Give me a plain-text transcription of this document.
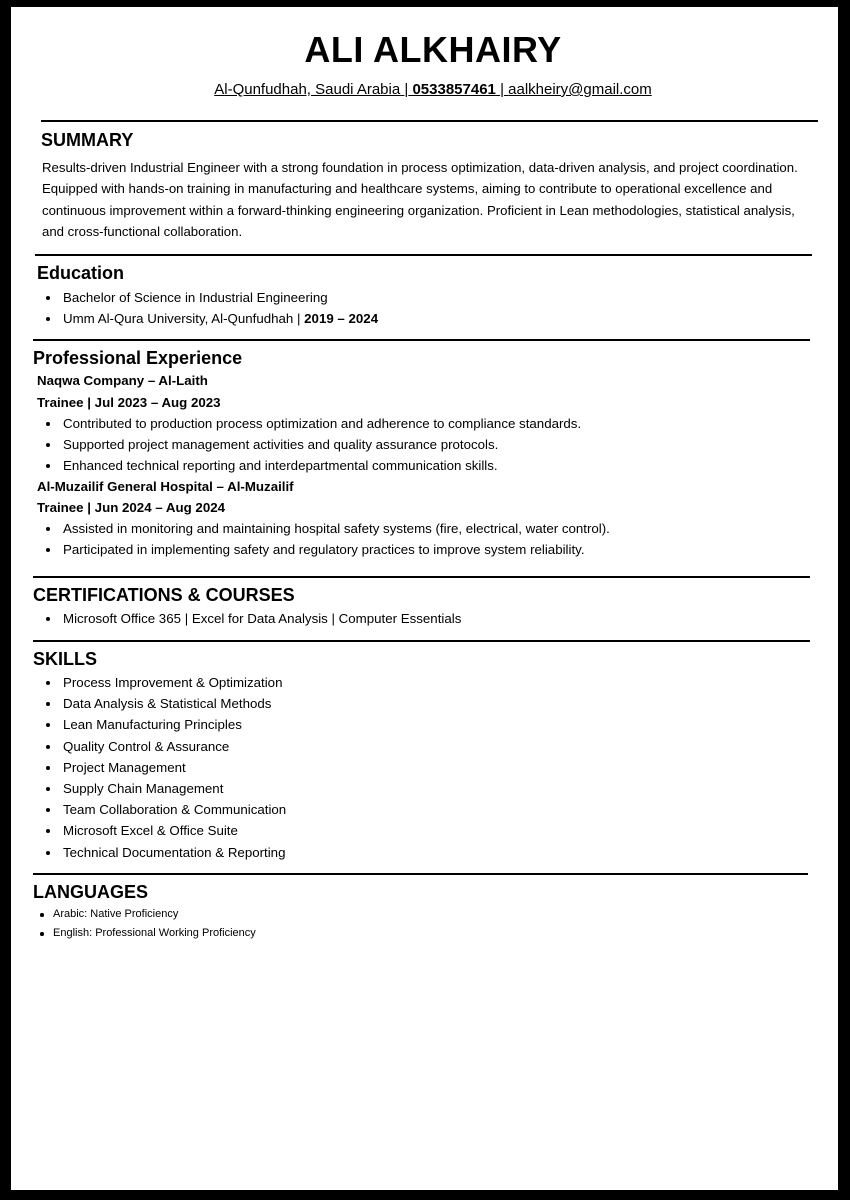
ALI ALKHAIRY
Al-Qunfudhah, Saudi Arabia | 0533857461 | aalkheiry@gmail.com
SUMMARY
Results-driven Industrial Engineer with a strong foundation in process optimization, data-driven analysis, and project coordination.
Equipped with hands-on training in manufacturing and healthcare systems, aiming to contribute to operational excellence and
continuous improvement within a forward-thinking engineering organization. Proficient in Lean methodologies, statistical analysis,
and cross-functional collaboration.
Education
Bachelor of Science in Industrial Engineering
Umm Al-Qura University, Al-Qunfudhah | 2019 – 2024
Professional Experience
Naqwa Company – Al-Laith
Trainee | Jul 2023 – Aug 2023
Contributed to production process optimization and adherence to compliance standards.
Supported project management activities and quality assurance protocols.
Enhanced technical reporting and interdepartmental communication skills.
Al-Muzailif General Hospital – Al-Muzailif
Trainee | Jun 2024 – Aug 2024
Assisted in monitoring and maintaining hospital safety systems (fire, electrical, water control).
Participated in implementing safety and regulatory practices to improve system reliability.
CERTIFICATIONS & COURSES
Microsoft Office 365 | Excel for Data Analysis | Computer Essentials
SKILLS
Process Improvement & Optimization
Data Analysis & Statistical Methods
Lean Manufacturing Principles
Quality Control & Assurance
Project Management
Supply Chain Management
Team Collaboration & Communication
Microsoft Excel & Office Suite
Technical Documentation & Reporting
LANGUAGES
Arabic: Native Proficiency
English: Professional Working Proficiency
